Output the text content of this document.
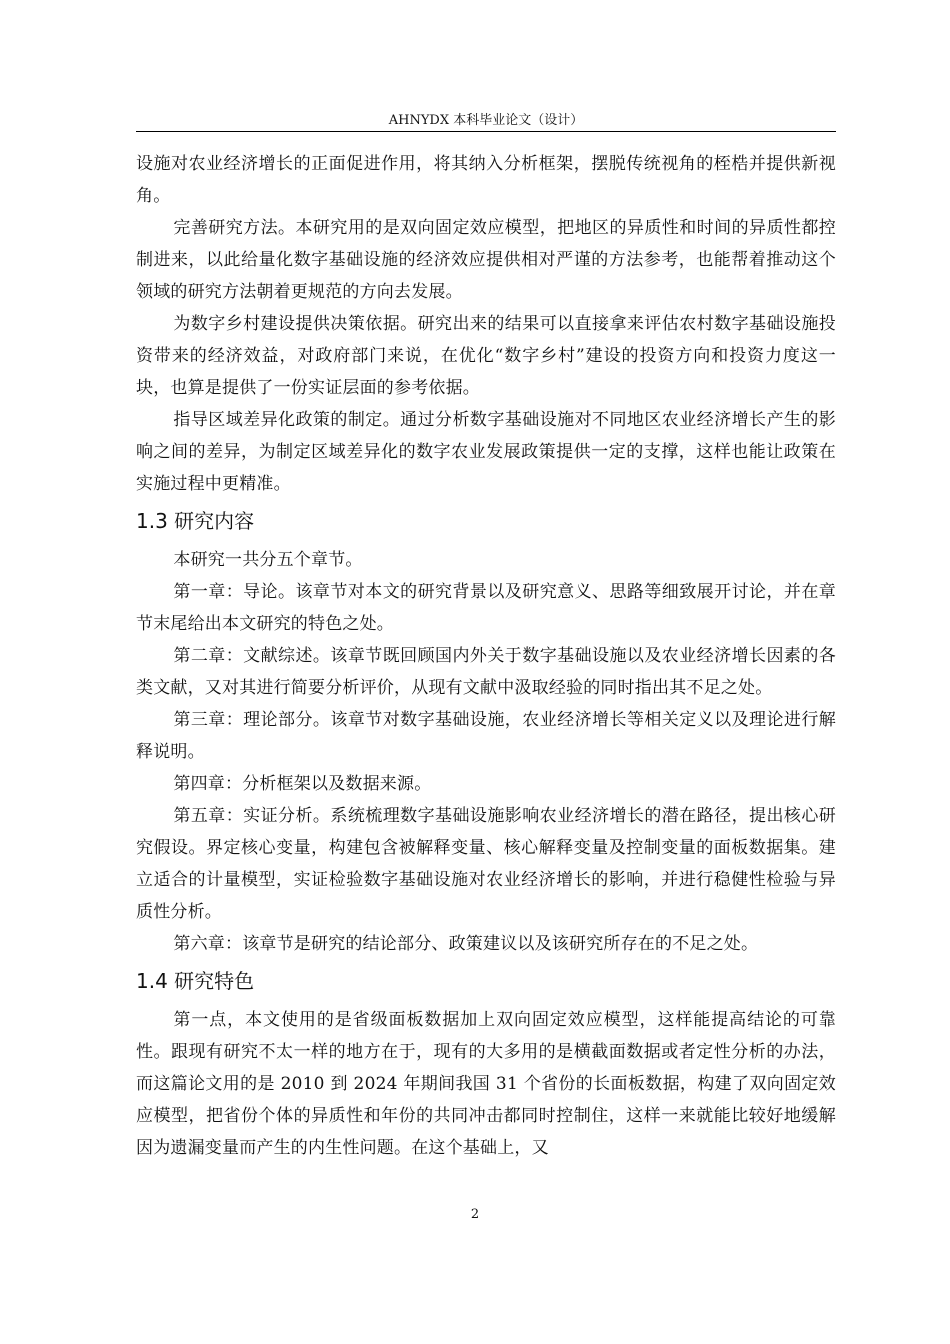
AHNYDX 本科毕业论文（设计）

设施对农业经济增长的正面促进作用，将其纳入分析框架，摆脱传统视角的桎梏并提供新视角。

完善研究方法。本研究用的是双向固定效应模型，把地区的异质性和时间的异质性都控制进来，以此给量化数字基础设施的经济效应提供相对严谨的方法参考，也能帮着推动这个领域的研究方法朝着更规范的方向去发展。

为数字乡村建设提供决策依据。研究出来的结果可以直接拿来评估农村数字基础设施投资带来的经济效益，对政府部门来说，在优化“数字乡村”建设的投资方向和投资力度这一块，也算是提供了一份实证层面的参考依据。

指导区域差异化政策的制定。通过分析数字基础设施对不同地区农业经济增长产生的影响之间的差异，为制定区域差异化的数字农业发展政策提供一定的支撑，这样也能让政策在实施过程中更精准。

1.3 研究内容

本研究一共分五个章节。

第一章：导论。该章节对本文的研究背景以及研究意义、思路等细致展开讨论，并在章节末尾给出本文研究的特色之处。

第二章：文献综述。该章节既回顾国内外关于数字基础设施以及农业经济增长因素的各类文献，又对其进行简要分析评价，从现有文献中汲取经验的同时指出其不足之处。

第三章：理论部分。该章节对数字基础设施，农业经济增长等相关定义以及理论进行解释说明。

第四章：分析框架以及数据来源。

第五章：实证分析。系统梳理数字基础设施影响农业经济增长的潜在路径，提出核心研究假设。界定核心变量，构建包含被解释变量、核心解释变量及控制变量的面板数据集。建立适合的计量模型，实证检验数字基础设施对农业经济增长的影响，并进行稳健性检验与异质性分析。

第六章：该章节是研究的结论部分、政策建议以及该研究所存在的不足之处。

1.4 研究特色

第一点，本文使用的是省级面板数据加上双向固定效应模型，这样能提高结论的可靠性。跟现有研究不太一样的地方在于，现有的大多用的是横截面数据或者定性分析的办法，而这篇论文用的是 2010 到 2024 年期间我国 31 个省份的长面板数据，构建了双向固定效应模型，把省份个体的异质性和年份的共同冲击都同时控制住，这样一来就能比较好地缓解因为遗漏变量而产生的内生性问题。在这个基础上，又

2
